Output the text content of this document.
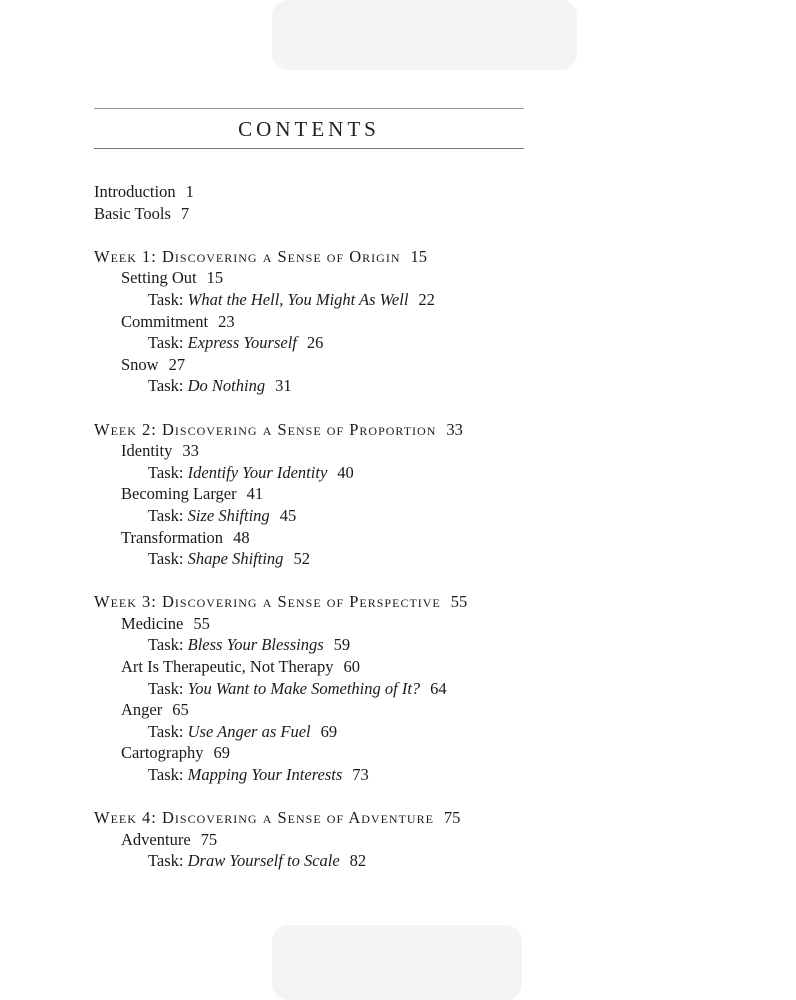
CONTENTS
Introduction 1
Basic Tools 7
Week 1: Discovering a Sense of Origin 15
Setting Out 15
Task: What the Hell, You Might As Well 22
Commitment 23
Task: Express Yourself 26
Snow 27
Task: Do Nothing 31
Week 2: Discovering a Sense of Proportion 33
Identity 33
Task: Identify Your Identity 40
Becoming Larger 41
Task: Size Shifting 45
Transformation 48
Task: Shape Shifting 52
Week 3: Discovering a Sense of Perspective 55
Medicine 55
Task: Bless Your Blessings 59
Art Is Therapeutic, Not Therapy 60
Task: You Want to Make Something of It? 64
Anger 65
Task: Use Anger as Fuel 69
Cartography 69
Task: Mapping Your Interests 73
Week 4: Discovering a Sense of Adventure 75
Adventure 75
Task: Draw Yourself to Scale 82
